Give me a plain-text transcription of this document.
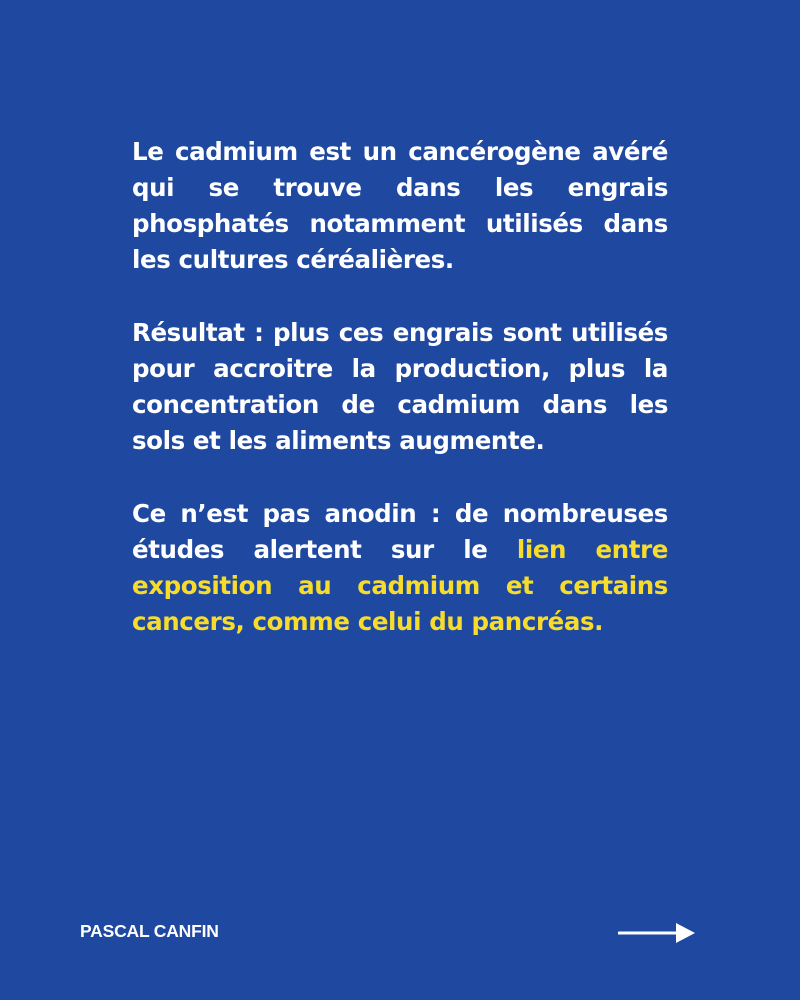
Le cadmium est un cancérogène avéré qui se trouve dans les engrais phosphatés notamment utilisés dans les cultures céréalières.

Résultat : plus ces engrais sont utilisés pour accroitre la production, plus la concentration de cadmium dans les sols et les aliments augmente.

Ce n’est pas anodin : de nombreuses études alertent sur le lien entre exposition au cadmium et certains cancers, comme celui du pancréas.

PASCAL CANFIN
